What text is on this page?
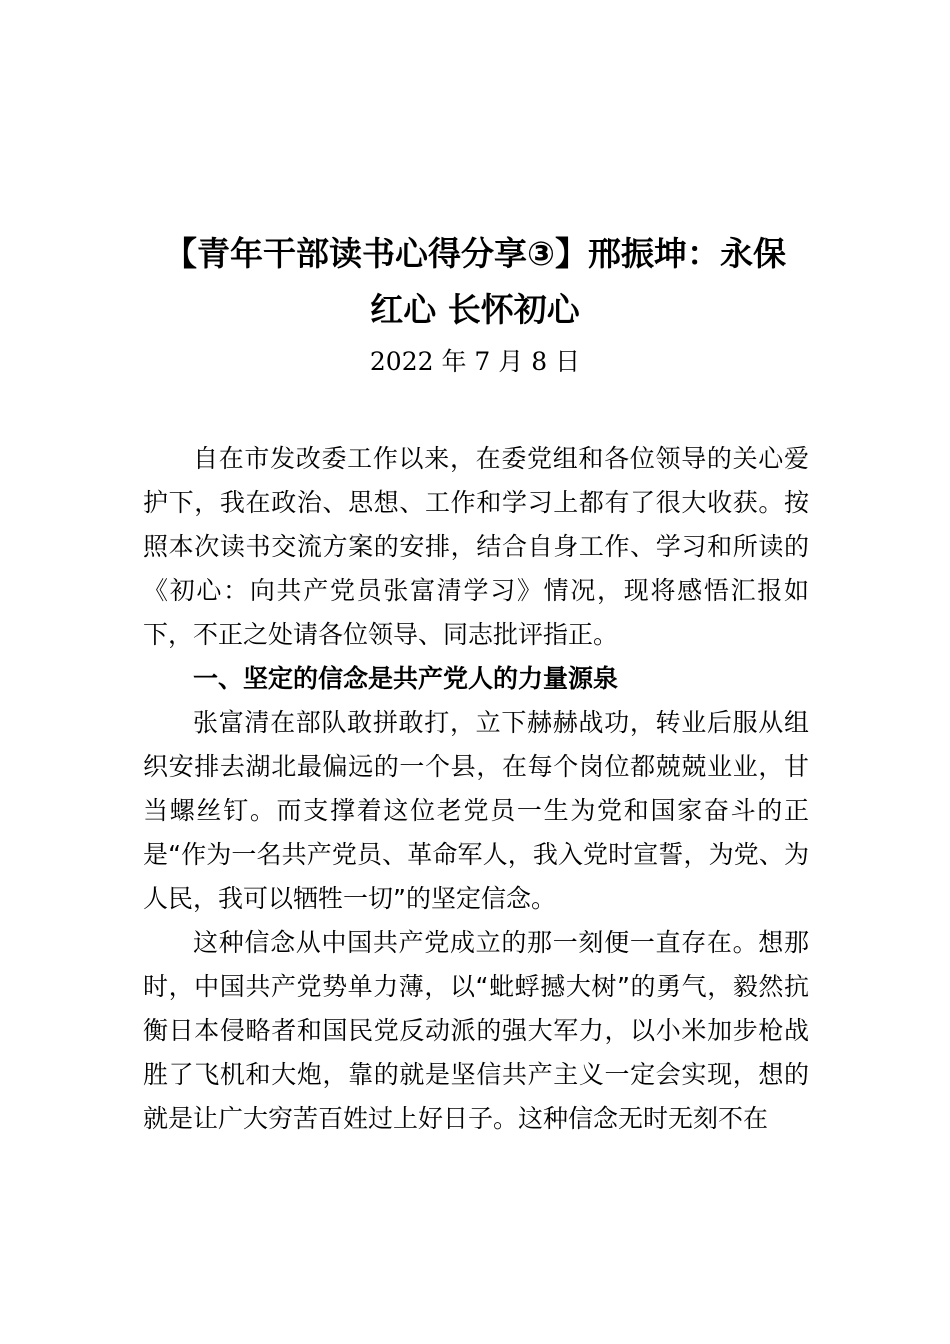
【青年干部读书心得分享③】邢振坤：永保
红心 长怀初心
2022 年 7 月 8 日

自在市发改委工作以来，在委党组和各位领导的关心爱护下，我在政治、思想、工作和学习上都有了很大收获。按照本次读书交流方案的安排，结合自身工作、学习和所读的《初心：向共产党员张富清学习》情况，现将感悟汇报如下，不正之处请各位领导、同志批评指正。

一、坚定的信念是共产党人的力量源泉

张富清在部队敢拼敢打，立下赫赫战功，转业后服从组织安排去湖北最偏远的一个县，在每个岗位都兢兢业业，甘当螺丝钉。而支撑着这位老党员一生为党和国家奋斗的正是“作为一名共产党员、革命军人，我入党时宣誓，为党、为人民，我可以牺牲一切”的坚定信念。

这种信念从中国共产党成立的那一刻便一直存在。想那时，中国共产党势单力薄，以“蚍蜉撼大树”的勇气，毅然抗衡日本侵略者和国民党反动派的强大军力，以小米加步枪战胜了飞机和大炮，靠的就是坚信共产主义一定会实现，想的就是让广大穷苦百姓过上好日子。这种信念无时无刻不在
